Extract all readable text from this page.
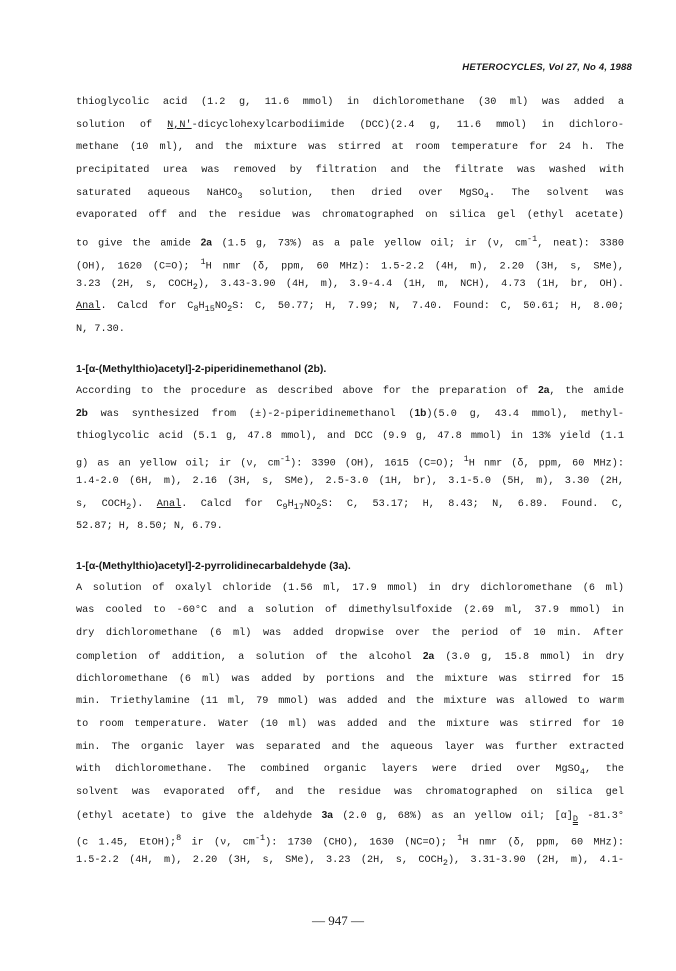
HETEROCYCLES, Vol 27, No 4, 1988
thioglycolic acid (1.2 g, 11.6 mmol) in dichloromethane (30 ml) was added a
solution of N,N′-dicyclohexylcarbodiimide (DCC)(2.4 g, 11.6 mmol) in dichloro-
methane (10 ml), and the mixture was stirred at room temperature for 24 h. The
precipitated urea was removed by filtration and the filtrate was washed with
saturated aqueous NaHCO$_3$ solution, then dried over MgSO$_4$. The solvent was
evaporated off and the residue was chromatographed on silica gel (ethyl acetate)
to give the amide 2a (1.5 g, 73%) as a pale yellow oil; ir (ν, $cm^{-1}$, neat): 3380
(OH), 1620 (C=O); $^1$H nmr (δ, ppm, 60 MHz): 1.5-2.2 (4H, m), 2.20 (3H, s, SMe),
3.23 (2H, s, $COCH_2$), 3.43-3.90 (4H, m), 3.9-4.4 (1H, m, NCH), 4.73 (1H, br, OH).
Anal. Calcd for $C_8H_{15}NO_2S$: C, 50.77; H, 7.99; N, 7.40. Found: C, 50.61; H, 8.00;
N, 7.30.
1-[α-(Methylthio)acetyl]-2-piperidinemethanol (2b).
According to the procedure as described above for the preparation of 2a, the amide
2b was synthesized from (±)-2-piperidinemethanol (1b)(5.0 g, 43.4 mmol), methyl-
thioglycolic acid (5.1 g, 47.8 mmol), and DCC (9.9 g, 47.8 mmol) in 13% yield (1.1
g) as an yellow oil; ir (ν, $cm^{-1}$): 3390 (OH), 1615 (C=O); $^1$H nmr (δ, ppm, 60 MHz):
1.4-2.0 (6H, m), 2.16 (3H, s, SMe), 2.5-3.0 (1H, br), 3.1-5.0 (5H, m), 3.30 (2H,
s, $COCH_2$). Anal. Calcd for $C_9H_{17}NO_2S$: C, 53.17; H, 8.43; N, 6.89. Found. C,
52.87; H, 8.50; N, 6.79.
1-[α-(Methylthio)acetyl]-2-pyrrolidinecarbaldehyde (3a).
A solution of oxalyl chloride (1.56 ml, 17.9 mmol) in dry dichloromethane (6 ml)
was cooled to -60°C and a solution of dimethylsulfoxide (2.69 ml, 37.9 mmol) in
dry dichloromethane (6 ml) was added dropwise over the period of 10 min. After
completion of addition, a solution of the alcohol 2a (3.0 g, 15.8 mmol) in dry
dichloromethane (6 ml) was added by portions and the mixture was stirred for 15
min. Triethylamine (11 ml, 79 mmol) was added and the mixture was allowed to warm
to room temperature. Water (10 ml) was added and the mixture was stirred for 10
min. The organic layer was separated and the aqueous layer was further extracted
with dichloromethane. The combined organic layers were dried over MgSO$_4$, the
solvent was evaporated off, and the residue was chromatographed on silica gel
(ethyl acetate) to give the aldehyde 3a (2.0 g, 68%) as an yellow oil; $[\alpha]_D$ -81.3°
(c 1.45, EtOH);$^8$ ir (ν, $cm^{-1}$): 1730 (CHO), 1630 (NC=O); $^1$H nmr (δ, ppm, 60 MHz):
1.5-2.2 (4H, m), 2.20 (3H, s, SMe), 3.23 (2H, s, $COCH_2$), 3.31-3.90 (2H, m), 4.1-
— 947 —
